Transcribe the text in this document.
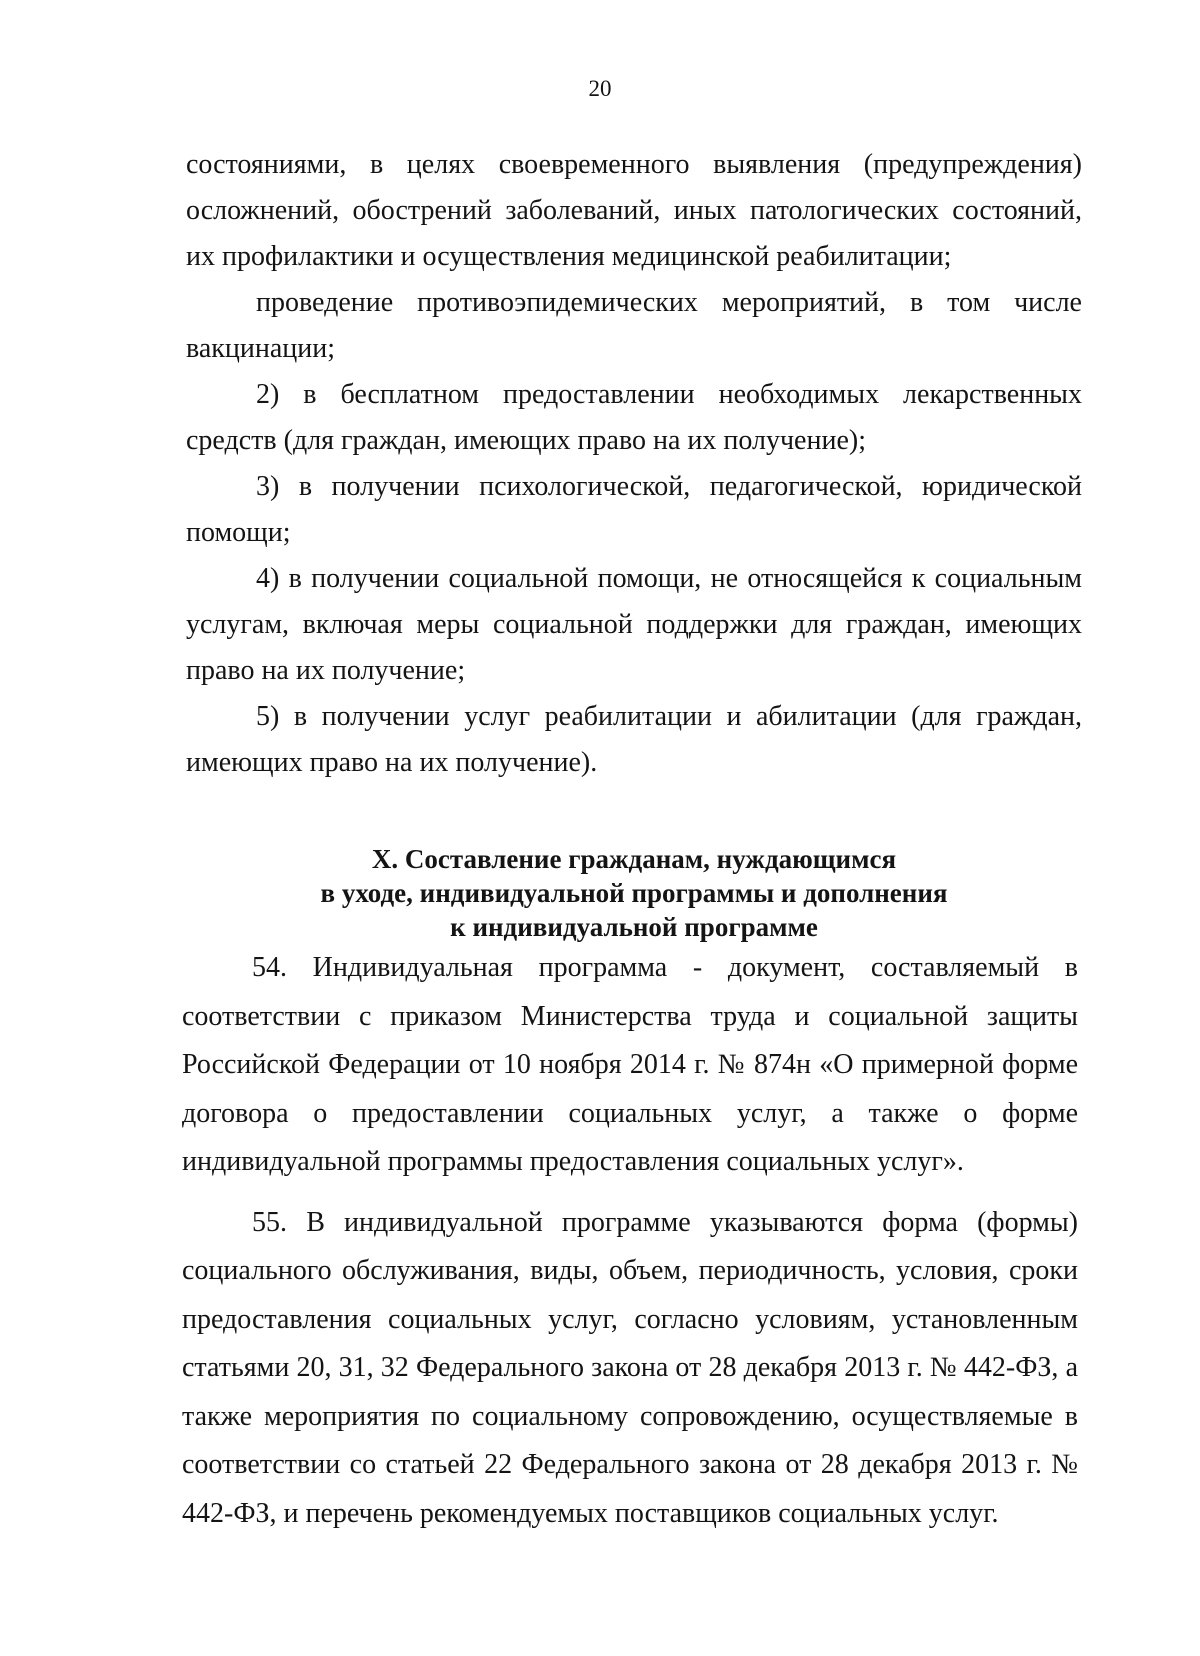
20

состояниями, в целях своевременного выявления (предупреждения) осложнений, обострений заболеваний, иных патологических состояний, их профилактики и осуществления медицинской реабилитации;

проведение противоэпидемических мероприятий, в том числе вакцинации;

2) в бесплатном предоставлении необходимых лекарственных средств (для граждан, имеющих право на их получение);

3) в получении психологической, педагогической, юридической помощи;

4) в получении социальной помощи, не относящейся к социальным услугам, включая меры социальной поддержки для граждан, имеющих право на их получение;

5) в получении услуг реабилитации и абилитации (для граждан, имеющих право на их получение).

X. Составление гражданам, нуждающимся
в уходе, индивидуальной программы и дополнения
к индивидуальной программе

54. Индивидуальная программа - документ, составляемый в соответствии с приказом Министерства труда и социальной защиты Российской Федерации от 10 ноября 2014 г. № 874н «О примерной форме договора о предоставлении социальных услуг, а также о форме индивидуальной программы предоставления социальных услуг».

55. В индивидуальной программе указываются форма (формы) социального обслуживания, виды, объем, периодичность, условия, сроки предоставления социальных услуг, согласно условиям, установленным статьями 20, 31, 32 Федерального закона от 28 декабря 2013 г. № 442-ФЗ, а также мероприятия по социальному сопровождению, осуществляемые в соответствии со статьей 22 Федерального закона от 28 декабря 2013 г. № 442-ФЗ, и перечень рекомендуемых поставщиков социальных услуг.
